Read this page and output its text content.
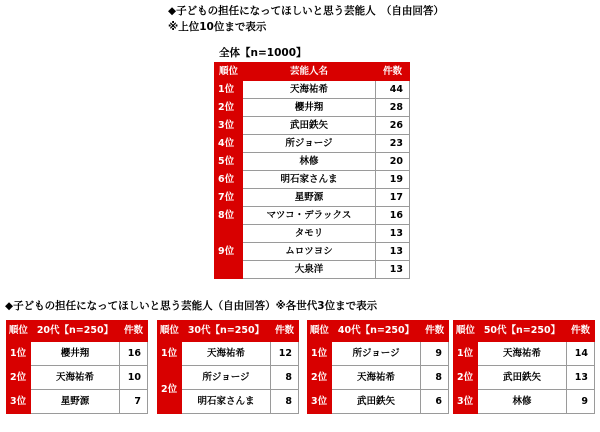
◆子どもの担任になってほしいと思う芸能人　（自由回答）
※上位10位まで表示
全体【n=1000】
順位	芸能人名	件数
1位	天海祐希	44
2位	櫻井翔	28
3位	武田鉄矢	26
4位	所ジョージ	23
5位	林修	20
6位	明石家さんま	19
7位	星野源	17
8位	マツコ・デラックス	16
9位	タモリ	13
	ムロツヨシ	13
	大泉洋	13
◆子どもの担任になってほしいと思う芸能人（自由回答）※各世代3位まで表示
順位	20代【n=250】	件数
1位	櫻井翔	16
2位	天海祐希	10
3位	星野源	7
順位	30代【n=250】	件数
1位	天海祐希	12
2位	所ジョージ	8
	明石家さんま	8
順位	40代【n=250】	件数
1位	所ジョージ	9
2位	天海祐希	8
3位	武田鉄矢	6
順位	50代【n=250】	件数
1位	天海祐希	14
2位	武田鉄矢	13
3位	林修	9
